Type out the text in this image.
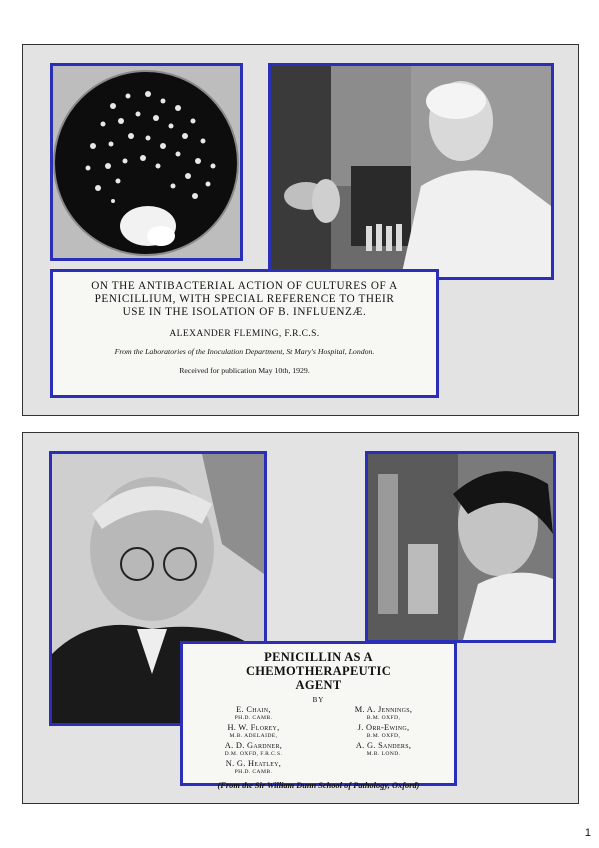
ON THE ANTIBACTERIAL ACTION OF CULTURES OF A
PENICILLIUM, WITH SPECIAL REFERENCE TO THEIR
USE IN THE ISOLATION OF B. INFLUENZÆ.
ALEXANDER FLEMING, F.R.C.S.
From the Laboratories of the Inoculation Department, St Mary's Hospital, London.
Received for publication May 10th, 1929.
PENICILLIN AS A CHEMOTHERAPEUTIC
AGENT
BY
E. Chain,
PH.D. CAMB.
H. W. Florey,
M.B. ADELAIDE,
A. D. Gardner,
D.M. OXFD, F.R.C.S.
N. G. Heatley,
PH.D. CAMB.
M. A. Jennings,
B.M. OXFD,
J. Orr-Ewing,
B.M. OXFD,
A. G. Sanders,
M.B. LOND.
(From the Sir William Dunn School of Pathology, Oxford)
1
